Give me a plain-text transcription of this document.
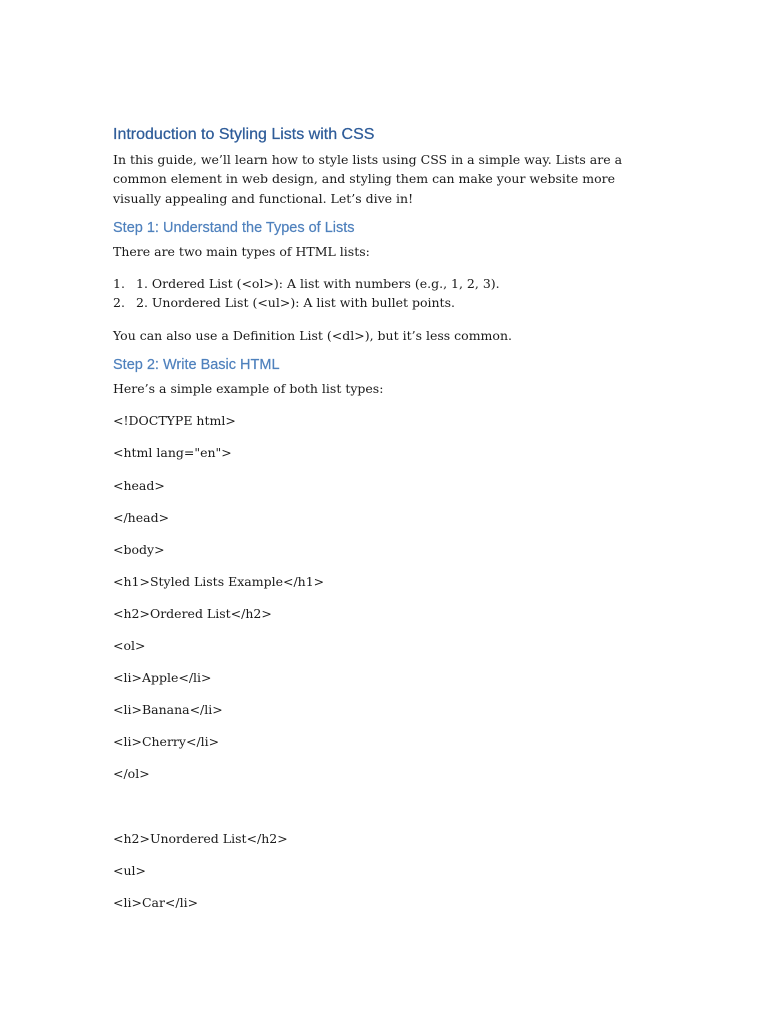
Introduction to Styling Lists with CSS

In this guide, we’ll learn how to style lists using CSS in a simple way. Lists are a common element in web design, and styling them can make your website more visually appealing and functional. Let’s dive in!

Step 1: Understand the Types of Lists

There are two main types of HTML lists:

1. 1. Ordered List (<ol>): A list with numbers (e.g., 1, 2, 3).
2. 2. Unordered List (<ul>): A list with bullet points.

You can also use a Definition List (<dl>), but it’s less common.

Step 2: Write Basic HTML

Here’s a simple example of both list types:

<!DOCTYPE html>

<html lang="en">

<head>

</head>

<body>

<h1>Styled Lists Example</h1>

<h2>Ordered List</h2>

<ol>

<li>Apple</li>

<li>Banana</li>

<li>Cherry</li>

</ol>

<h2>Unordered List</h2>

<ul>

<li>Car</li>
